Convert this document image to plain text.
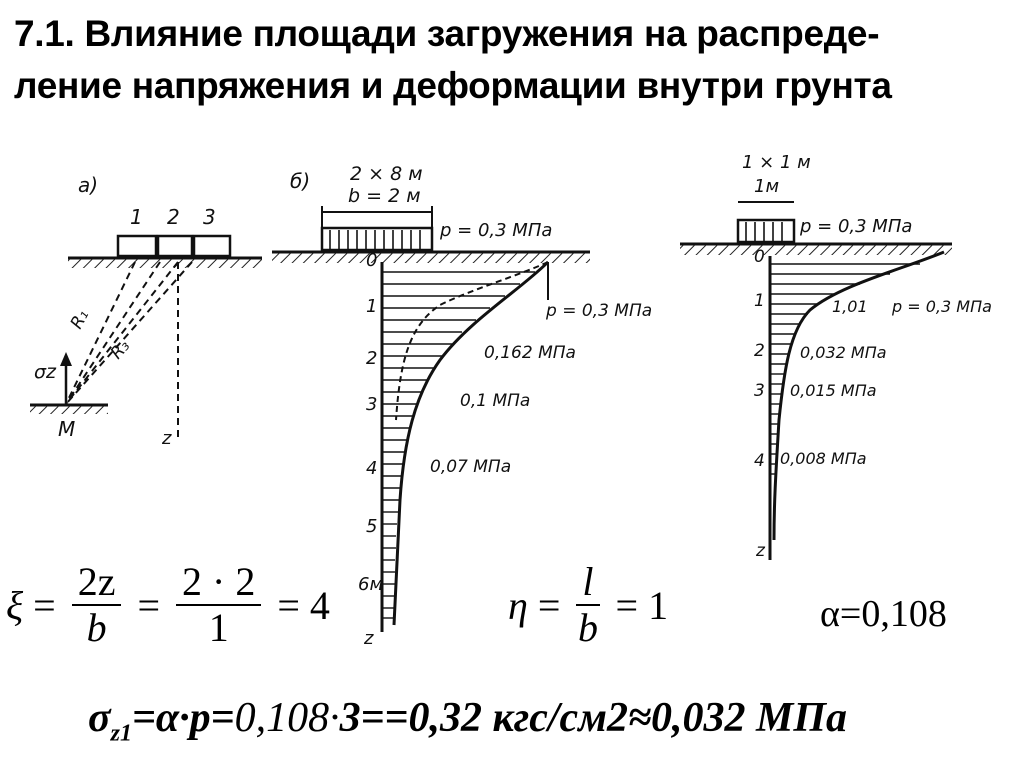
7.1. Влияние площади загружения на распреде-
ление напряжения и деформации внутри грунта
а)
1 2 3
R₁
R₃
σz
M	z
б) 2 × 8 м
b = 2 м
p = 0,3 МПа
0
1
2
3
4
5
6м
z
p = 0,3 МПа
0,162 МПа
0,1 МПа
0,07 МПа
1 × 1 м
1м
p = 0,3 МПа
0
1
2
3
4
z
1,01 p = 0,3 МПа
0,032 МПа
0,015 МПа
0,008 МПа
$\xi = \frac{2z}{b} = \frac{2 \cdot 2}{1} = 4$	$\eta = \frac{l}{b} = 1$	α=0,108
$\sigma_{z1}=\alpha\cdot p=0,108\cdot 3==0,32$ кгс/см2≈0,032 МПа
